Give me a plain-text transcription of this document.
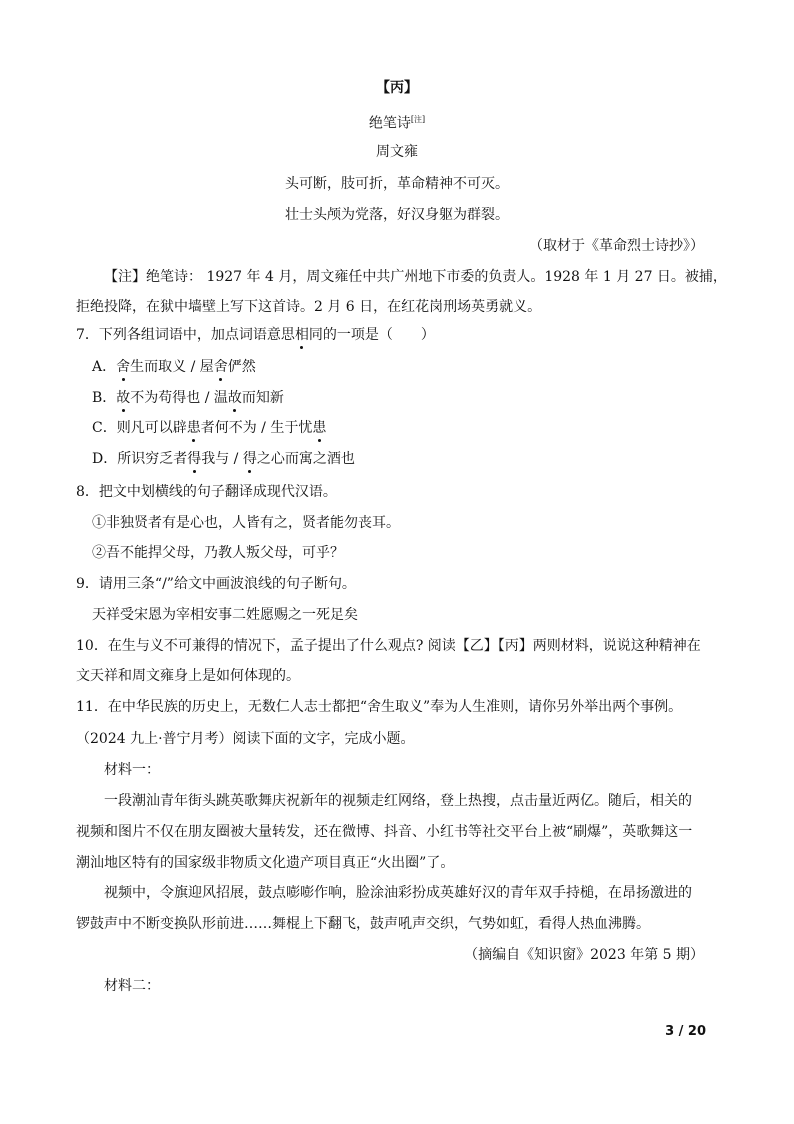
【丙】
绝笔诗[注]
周文雍
头可断，肢可折，革命精神不可灭。
壮士头颅为党落，好汉身躯为群裂。
（取材于《革命烈士诗抄》）
【注】绝笔诗： 1927 年 4 月，周文雍任中共广州地下市委的负责人。1928 年 1 月 27 日。被捕，
拒绝投降，在狱中墙壁上写下这首诗。2 月 6 日，在红花岗刑场英勇就义。
7．下列各组词语中，加点词语意思相同的一项是（　　）
A．舍生而取义 / 屋舍俨然
B．故不为苟得也 / 温故而知新
C．则凡可以辟患者何不为 / 生于忧患
D．所识穷乏者得我与 / 得之心而寓之酒也
8．把文中划横线的句子翻译成现代汉语。
①非独贤者有是心也，人皆有之，贤者能勿丧耳。
②吾不能捍父母，乃教人叛父母，可乎？
9．请用三条“/”给文中画波浪线的句子断句。
天祥受宋恩为宰相安事二姓愿赐之一死足矣
10．在生与义不可兼得的情况下，孟子提出了什么观点? 阅读【乙】【丙】两则材料，说说这种精神在
文天祥和周文雍身上是如何体现的。
11．在中华民族的历史上，无数仁人志士都把“舍生取义”奉为人生准则，请你另外举出两个事例。
（2024 九上·普宁月考）阅读下面的文字，完成小题。
材料一：
一段潮汕青年街头跳英歌舞庆祝新年的视频走红网络，登上热搜，点击量近两亿。随后，相关的
视频和图片不仅在朋友圈被大量转发，还在微博、抖音、小红书等社交平台上被“刷爆”，英歌舞这一
潮汕地区特有的国家级非物质文化遗产项目真正“火出圈”了。
视频中，令旗迎风招展，鼓点嘭嘭作响，脸涂油彩扮成英雄好汉的青年双手持槌，在昂扬激进的
锣鼓声中不断变换队形前进……舞棍上下翻飞，鼓声吼声交织，气势如虹，看得人热血沸腾。
（摘编自《知识窗》2023 年第 5 期）
材料二：
3 / 20
